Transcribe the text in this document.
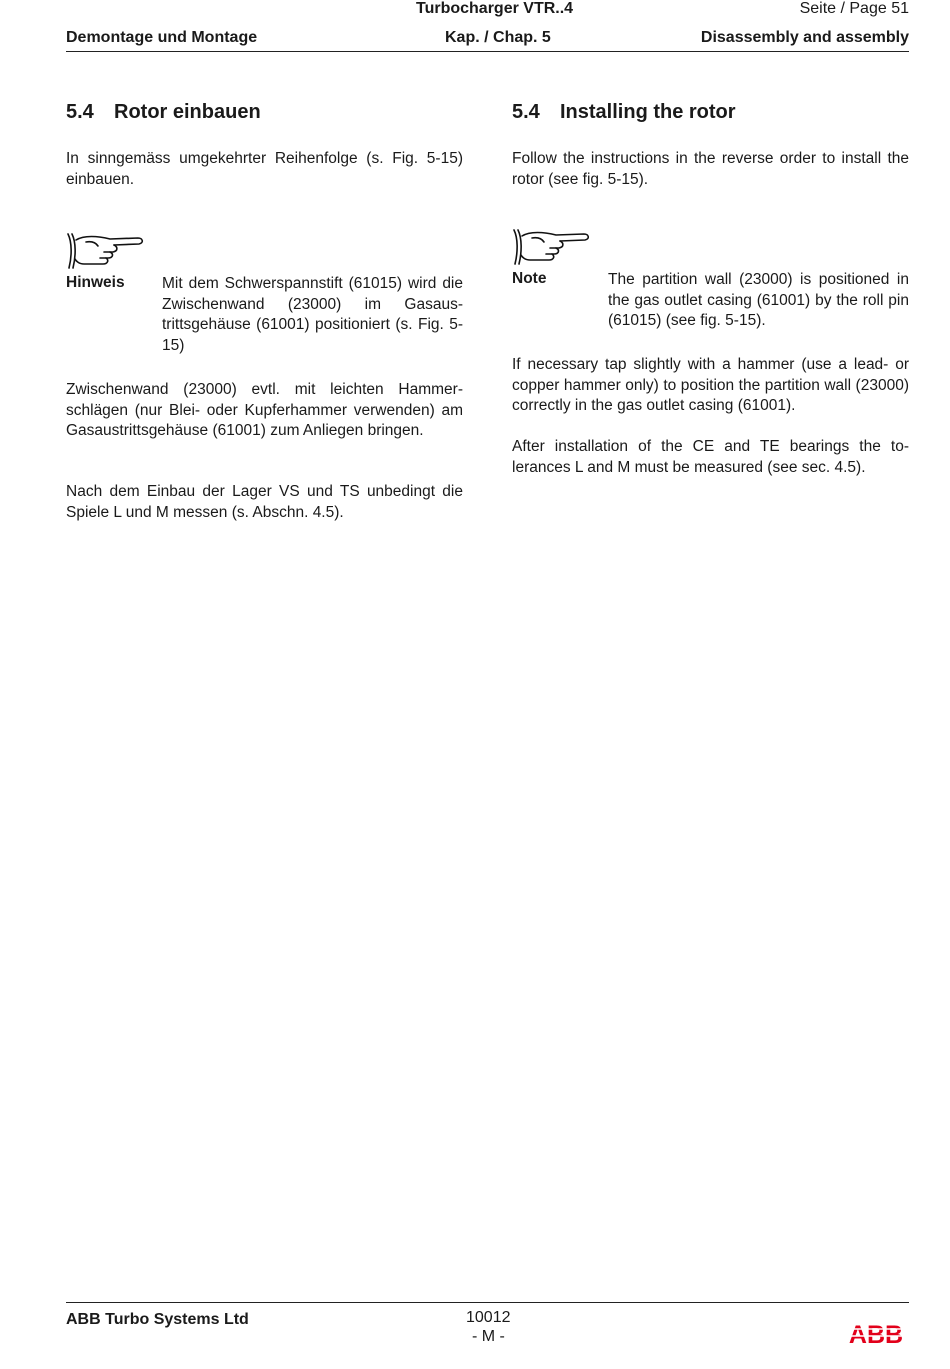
Turbocharger VTR..4	Seite / Page 51
Demontage und Montage	Kap. / Chap. 5	Disassembly and assembly
5.4 Rotor einbauen
In sinngemäss umgekehrter Reihenfolge (s. Fig. 5-15) einbauen.
Hinweis Mit dem Schwerspannstift (61015) wird die Zwischenwand (23000) im Gasaustrittsgehäuse (61001) positioniert (s. Fig. 5-15)
Zwischenwand (23000) evtl. mit leichten Hammerschlägen (nur Blei- oder Kupferhammer verwenden) am Gasaustrittsgehäuse (61001) zum Anliegen bringen.
Nach dem Einbau der Lager VS und TS unbedingt die Spiele L und M messen (s. Abschn. 4.5).
5.4 Installing the rotor
Follow the instructions in the reverse order to install the rotor (see fig. 5-15).
Note	The partition wall (23000) is positioned in the gas outlet casing (61001) by the roll pin (61015) (see fig. 5-15).
If necessary tap slightly with a hammer (use a lead- or copper hammer only) to position the partition wall (23000) correctly in the gas outlet casing (61001).
After installation of the CE and TE bearings the tolerances L and M must be measured (see sec. 4.5).
ABB Turbo Systems Ltd	10012
- M -	ABB
